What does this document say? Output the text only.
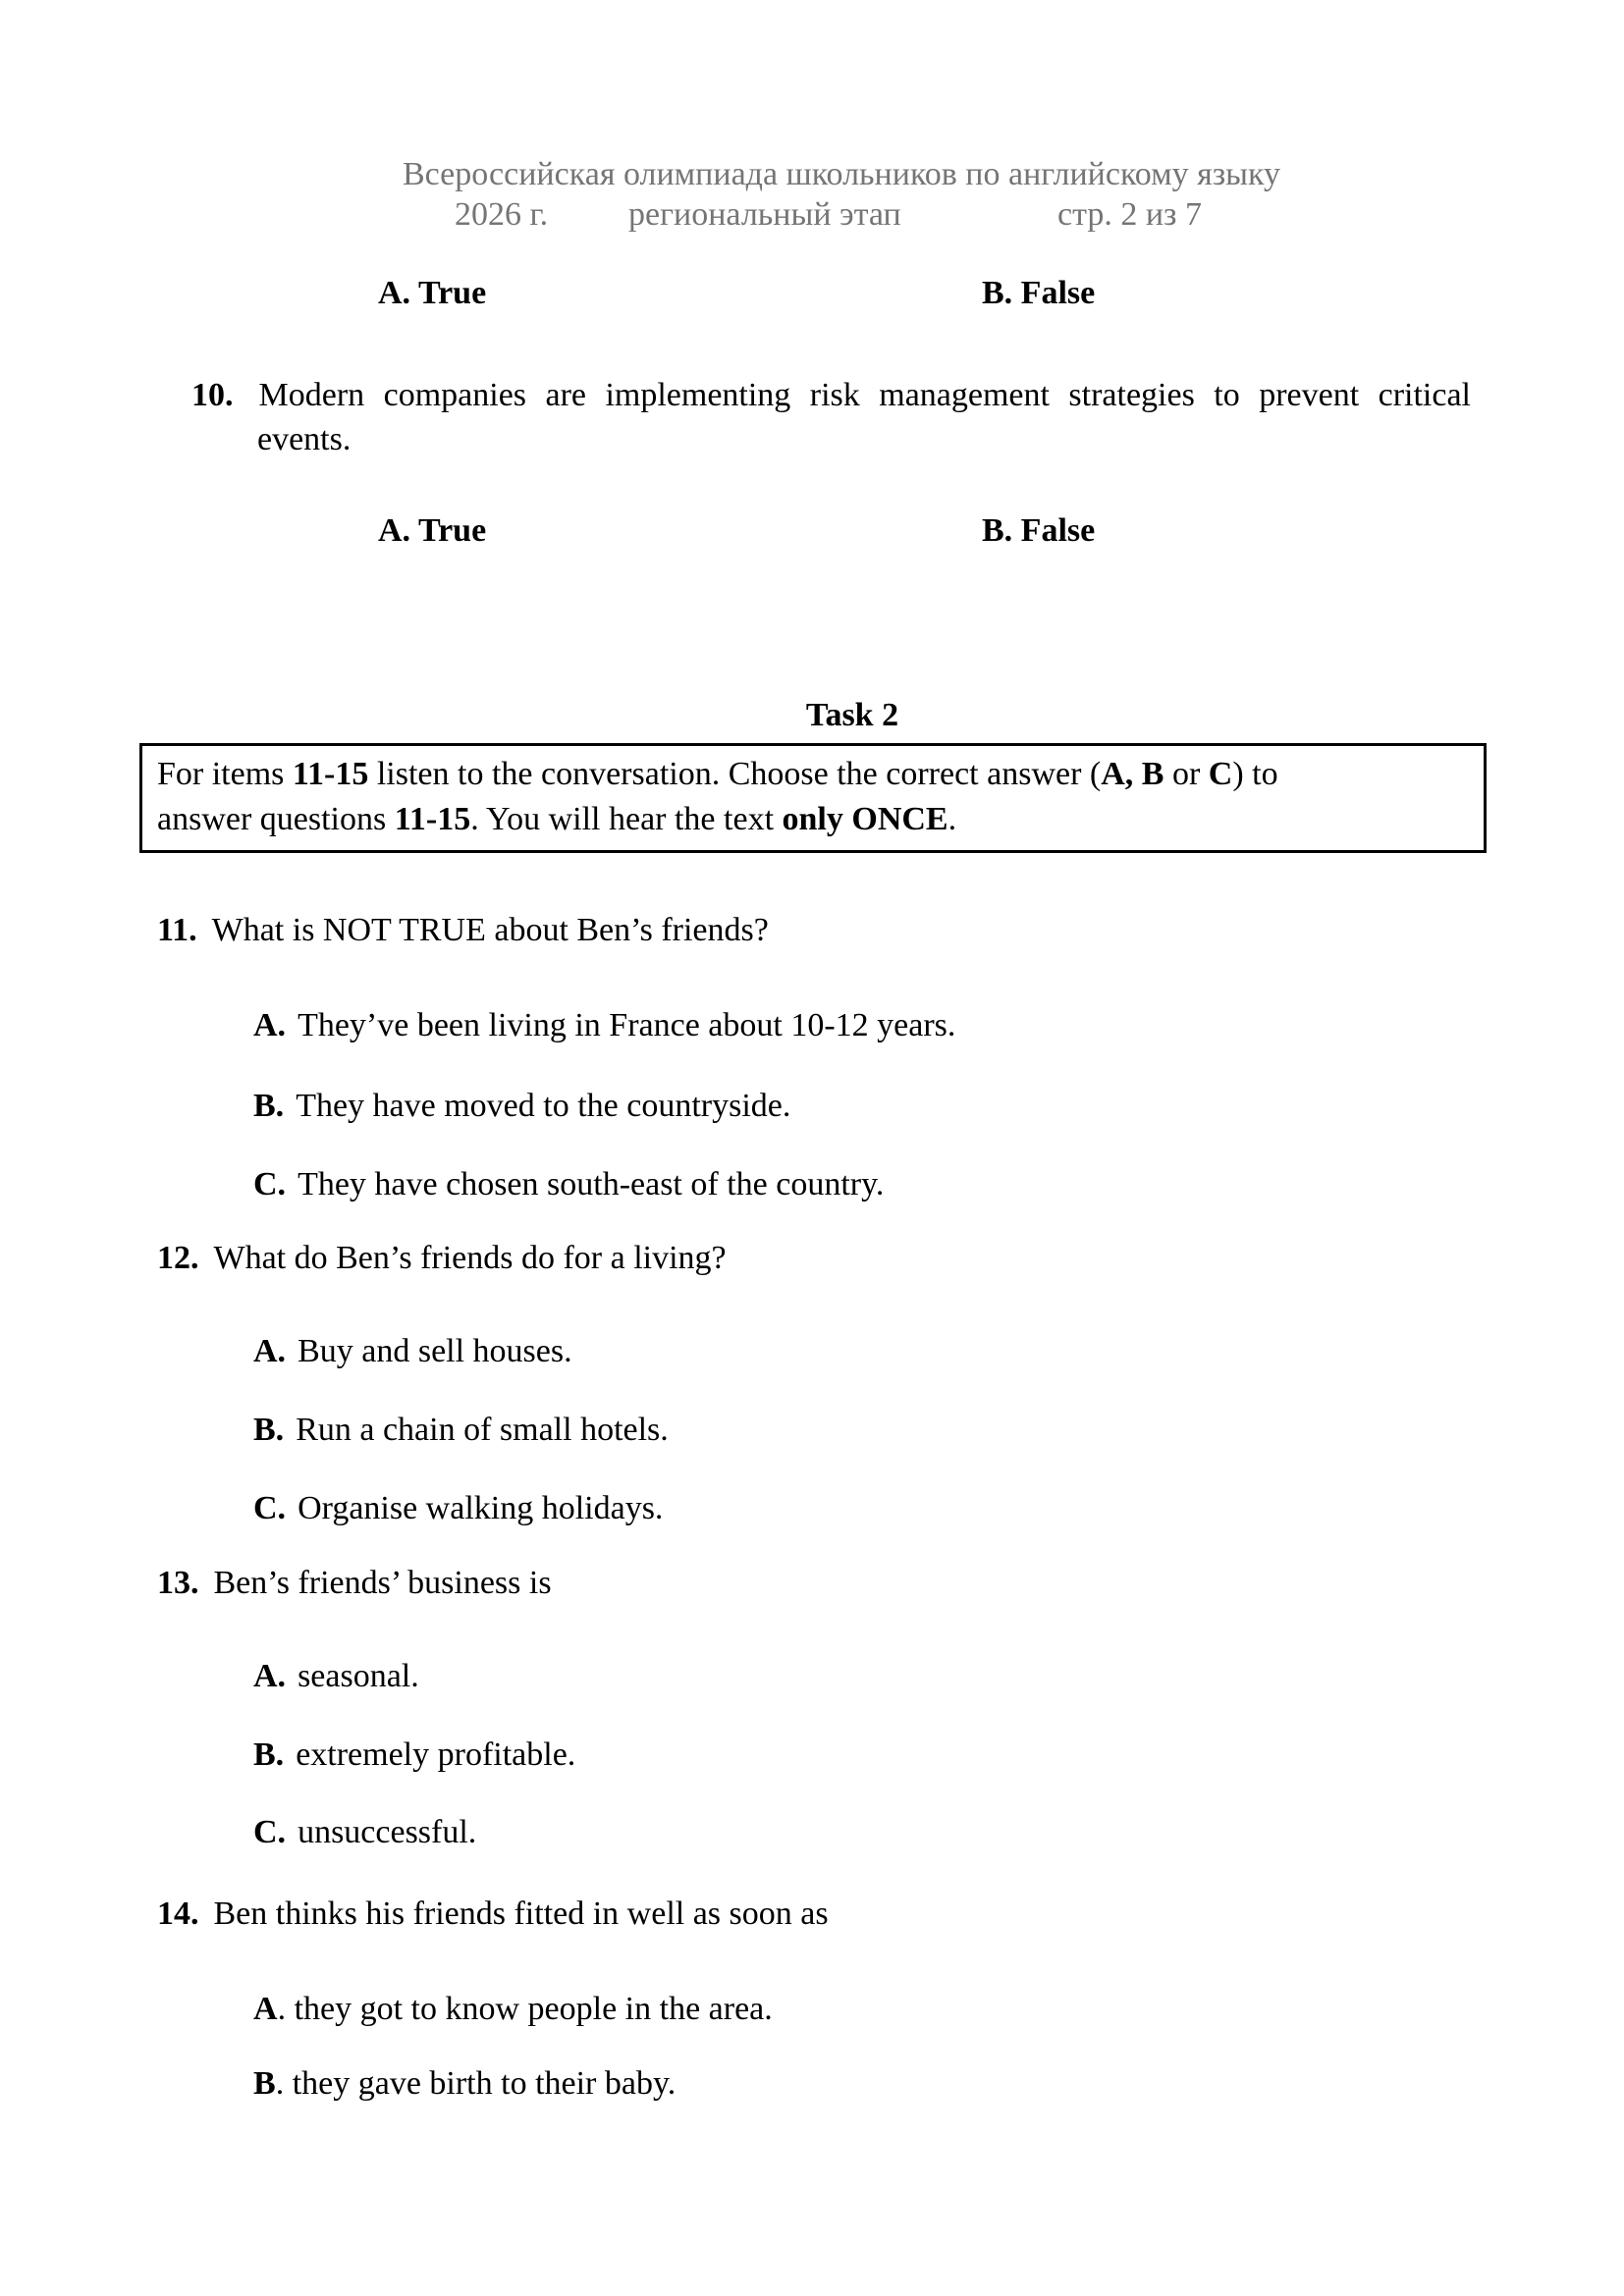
Всероссийская олимпиада школьников по английскому языку
2026 г. региональный этап	стр. 2 из 7
A. True	B. False
10. Modern companies are implementing risk management strategies to prevent critical events.
A. True	B. False
Task 2
For items 11-15 listen to the conversation. Choose the correct answer (A, B or C) to
answer questions 11-15. You will hear the text only ONCE.
11. What is NOT TRUE about Ben’s friends?
A. They’ve been living in France about 10-12 years.
B. They have moved to the countryside.
C. They have chosen south-east of the country.
12. What do Ben’s friends do for a living?
A. Buy and sell houses.
B. Run a chain of small hotels.
C. Organise walking holidays.
13. Ben’s friends’ business is
A. seasonal.
B. extremely profitable.
C. unsuccessful.
14. Ben thinks his friends fitted in well as soon as
A. they got to know people in the area.
B. they gave birth to their baby.
